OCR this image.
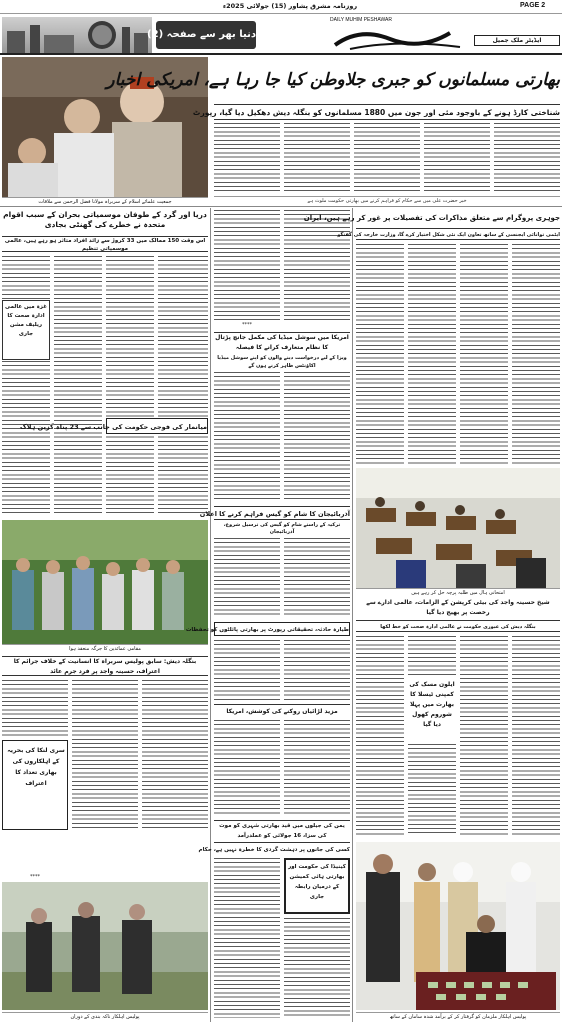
روزنامہ مشرق پشاور (15) جولائی 2025ء	PAGE 2
دنیا بھر سے صفحہ (2)
DAILY MUHIM PESHAWAR
ایڈیٹر ملک جمیل
جمعیت علمائے اسلام کے سربراہ مولانا فضل الرحمن سے ملاقات
بھارتی مسلمانوں کو جبری جلاوطن کیا جا رہا ہے، امریکی اخبار
شناختی کارڈ ہونے کے باوجود مئی اور جون میں 1880 مسلمانوں کو بنگلہ دیش دھکیل دیا گیا، رپورٹ
خبر حضرت علی میں سے حکام کو فراہم کرنے میں بھارتی حکومت ملوث ہے
دریا اور گرد کے طوفان موسمیاتی بحران کے سبب اقوام متحدہ نے خطرے کی گھنٹی بجادی
اس وقت 150 ممالک میں 33 کروڑ سے زائد افراد متاثر ہو رہے ہیں، عالمی موسمیاتی تنظیم
میانمار کی فوجی حکومت کی جانب سے 23 پناہ گزین ہلاک
غزہ میں عالمی ادارہ صحت کا ریلیف مشن جاری
مقامی عمائدین کا جرگہ منعقد ہوا
بنگلہ دیش: سابق پولیس سربراہ کا انسانیت کے خلاف جرائم کا اعتراف، حسینہ واجد پر فرد جرم عائد
سری لنکا کی بحریہ کے اہلکاروں کی بھاری تعداد کا اعتراف
****
پولیس اہلکار ناکہ بندی کے دوران
****
امریکا میں سوشل میڈیا کی مکمل جانچ پڑتال کا نظام متعارف کرانے کا فیصلہ
ویزا کے لیے درخواست دینے والوں کو اپنے سوشل میڈیا اکاؤنٹس ظاہر کرنے ہوں گے
آذربائیجان کا شام کو گیس فراہم کرنے کا اعلان
ترکیہ کے راستے شام کو گیس کی ترسیل شروع، آذربائیجان
طیارہ حادثہ، تحقیقاتی رپورٹ پر بھارتی پائلٹوں کو تحفظات
مزید لڑائیاں روکنے کی کوشش، امریکا
یمن کی جیلوں میں قید بھارتی شہری کو موت کی سزا، 16 جولائی کو عملدرآمد
کسی کی جانوں پر دہشت گردی کا خطرہ نہیں ہے، حکام
کینیڈا کی حکومت اور بھارتی ہائی کمیشن کے درمیان رابطہ جاری
جوہری پروگرام سے متعلق مذاکرات کی تفصیلات پر غور کر رہے ہیں، ایران
ایٹمی توانائی ایجنسی کے ساتھ تعاون ایک نئی شکل اختیار کرے گا، وزارت خارجہ کی گفتگو
امتحانی ہال میں طلبہ پرچہ حل کر رہے ہیں
شیخ حسینہ واجد کی بیٹی کرپشن کے الزامات، عالمی ادارے سے رخصت پر بھیج دیا گیا
بنگلہ دیش کی عبوری حکومت نے عالمی ادارہ صحت کو خط لکھا
ایلون مسک کی کمپنی ٹیسلا کا بھارت میں پہلا شوروم کھول دیا گیا
پولیس اہلکار ملزمان کو گرفتار کر کے برآمد شدہ سامان کے ساتھ
